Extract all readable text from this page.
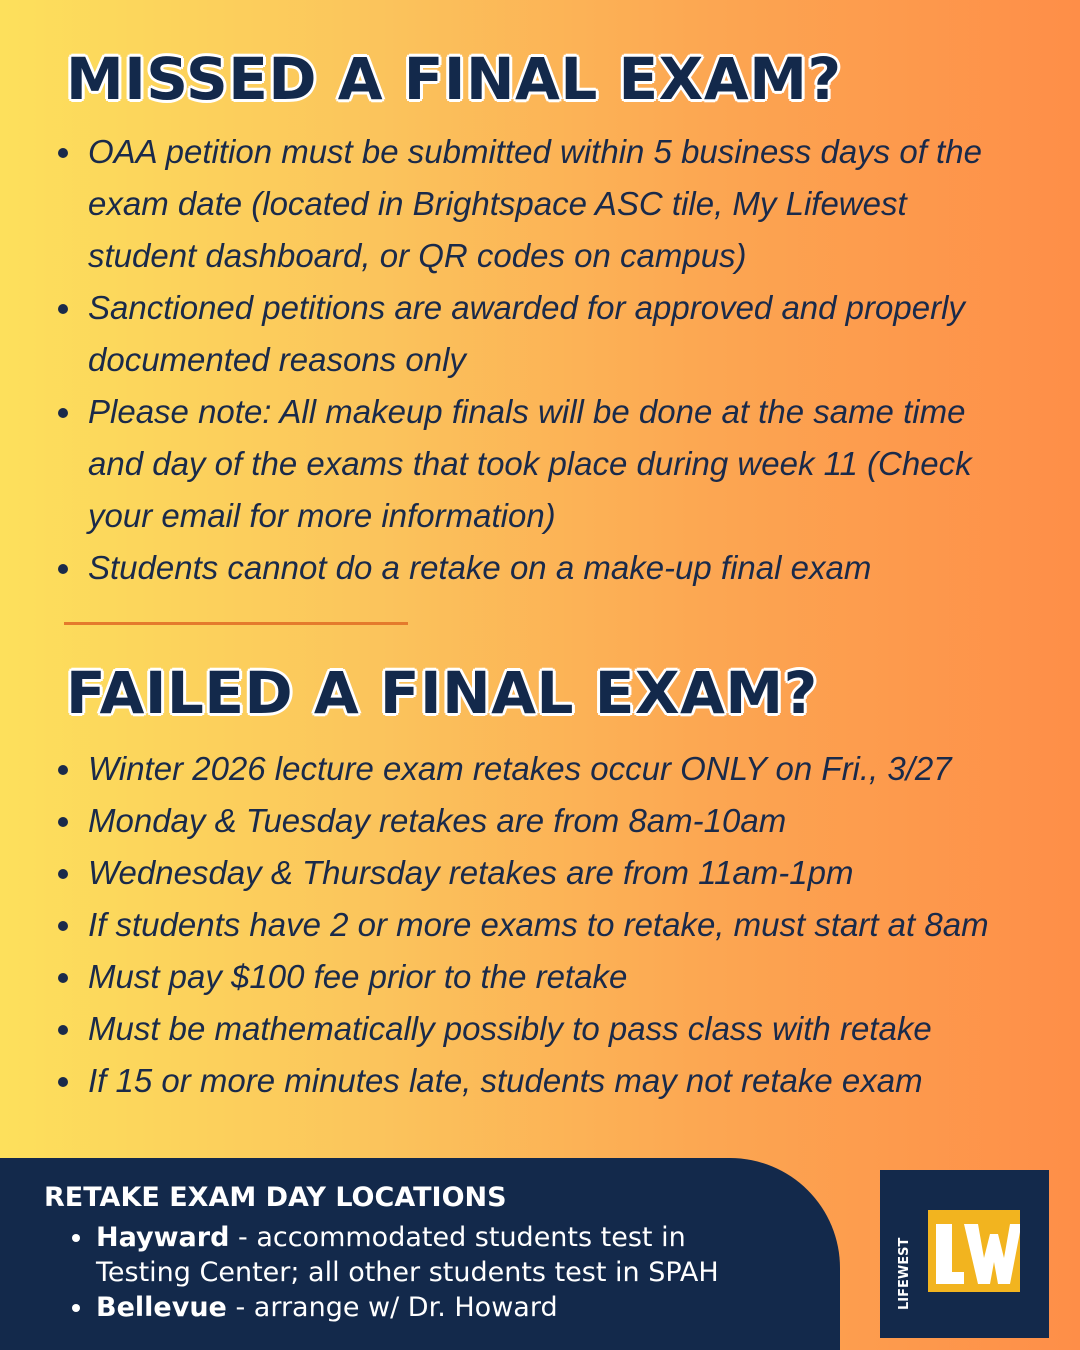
MISSED A FINAL EXAM?
OAA petition must be submitted within 5 business days of the
exam date (located in Brightspace ASC tile, My Lifewest
student dashboard, or QR codes on campus)
Sanctioned petitions are awarded for approved and properly
documented reasons only
Please note: All makeup finals will be done at the same time
and day of the exams that took place during week 11 (Check
your email for more information)
Students cannot do a retake on a make-up final exam
FAILED A FINAL EXAM?
Winter 2026 lecture exam retakes occur ONLY on Fri., 3/27
Monday & Tuesday retakes are from 8am-10am
Wednesday & Thursday retakes are from 11am-1pm
If students have 2 or more exams to retake, must start at 8am
Must pay $100 fee prior to the retake
Must be mathematically possibly to pass class with retake
If 15 or more minutes late, students may not retake exam
RETAKE EXAM DAY LOCATIONS
Hayward - accommodated students test in
Testing Center; all other students test in SPAH
Bellevue - arrange w/ Dr. Howard	LIFEWEST
